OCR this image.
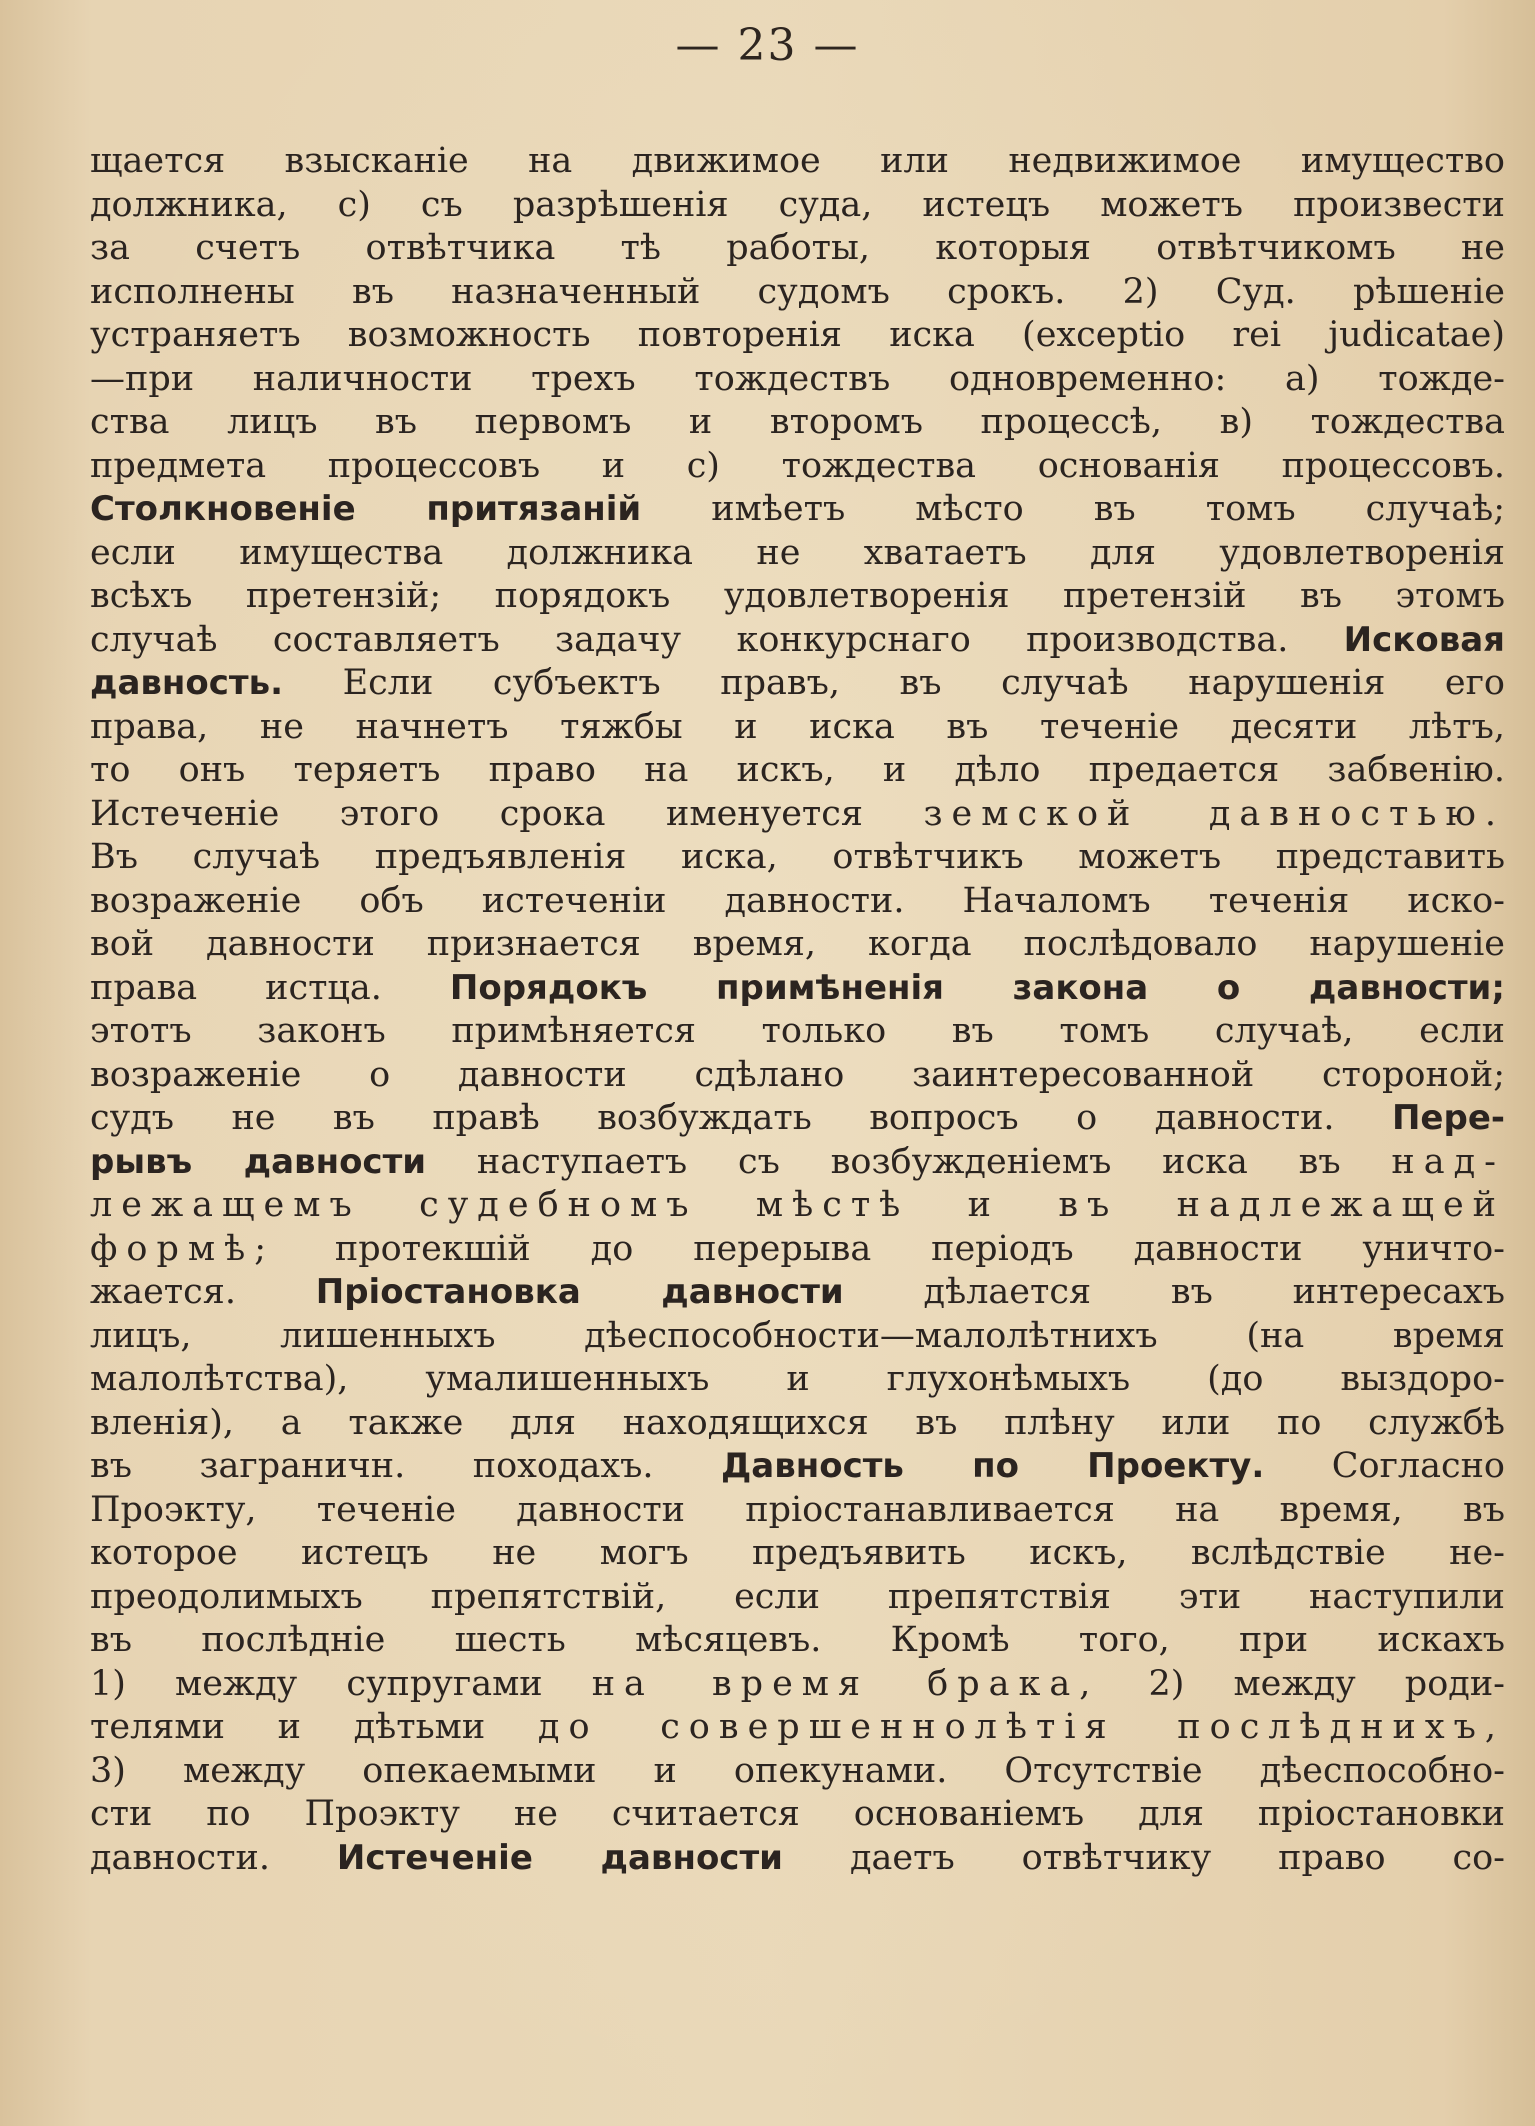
— 23 —
щается взысканіе на движимое или недвижимое имущество
должника, с) съ разрѣшенія суда, истецъ можетъ произвести
за счетъ отвѣтчика тѣ работы, которыя отвѣтчикомъ не
исполнены въ назначенный судомъ срокъ. 2) Суд. рѣшеніе
устраняетъ возможность повторенія иска (exceptio rei judicatae)
—при наличности трехъ тождествъ одновременно: а) тожде-
ства лицъ въ первомъ и второмъ процессѣ, в) тождества
предмета процессовъ и с) тождества основанія процессовъ.
Столкновеніе притязаній имѣетъ мѣсто въ томъ случаѣ;
если имущества должника не хватаетъ для удовлетворенія
всѣхъ претензій; порядокъ удовлетворенія претензій въ этомъ
случаѣ составляетъ задачу конкурснаго производства. Исковая
давность. Если субъектъ правъ, въ случаѣ нарушенія его
права, не начнетъ тяжбы и иска въ теченіе десяти лѣтъ,
то онъ теряетъ право на искъ, и дѣло предается забвенію.
Истеченіе этого срока именуется земской давностью.
Въ случаѣ предъявленія иска, отвѣтчикъ можетъ представить
возраженіе объ истеченіи давности. Началомъ теченія иско-
вой давности признается время, когда послѣдовало нарушеніе
права истца. Порядокъ примѣненія закона о давности;
этотъ законъ примѣняется только въ томъ случаѣ, если
возраженіе о давности сдѣлано заинтересованной стороной;
судъ не въ правѣ возбуждать вопросъ о давности. Пере-
рывъ давности наступаетъ съ возбужденіемъ иска въ над-
лежащемъ судебномъ мѣстѣ и въ надлежащей
формѣ; протекшій до перерыва періодъ давности уничто-
жается. Пріостановка давности дѣлается въ интересахъ
лицъ, лишенныхъ дѣеспособности—малолѣтнихъ (на время
малолѣтства), умалишенныхъ и глухонѣмыхъ (до выздоро-
вленія), а также для находящихся въ плѣну или по службѣ
въ заграничн. походахъ. Давность по Проекту. Согласно
Проэкту, теченіе давности пріостанавливается на время, въ
которое истецъ не могъ предъявить искъ, вслѣдствіе не-
преодолимыхъ препятствій, если препятствія эти наступили
въ послѣдніе шесть мѣсяцевъ. Кромѣ того, при искахъ
1) между супругами на время брака, 2) между роди-
телями и дѣтьми до совершеннолѣтія послѣднихъ,
3) между опекаемыми и опекунами. Отсутствіе дѣеспособно-
сти по Проэкту не считается основаніемъ для пріостановки
давности. Истеченіе давности даетъ отвѣтчику право со-
